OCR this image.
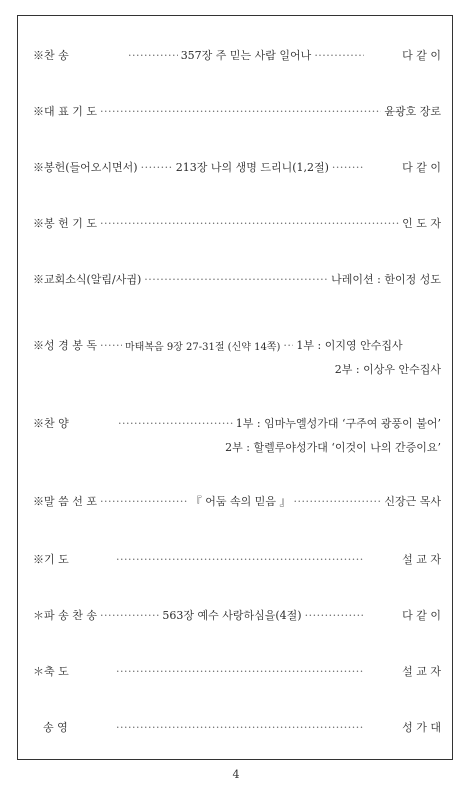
※찬 송 ·····	357장 주 믿는 사람 일어나 ·····	다 같 이
※대 표 기 도 ·····	윤광호 장로
※봉헌(들어오시면서) ·····	213장 나의 생명 드리니(1,2절) ·····	다 같 이
※봉 헌 기 도 ·····	인 도 자
※교회소식(알림/사귐) ·····	나레이션 : 한이정 성도
※성 경 봉 독 ·····	마태복음 9장 27-31절 (신약 14쪽) ····· 1부 : 이지영 안수집사
2부 : 이상우 안수집사
※찬 양 ·····	1부 : 임마누엘성가대 ‘구주여 광풍이 불어’
2부 : 할렐루야성가대 ‘이것이 나의 간증이요’
※말 씀 선 포 ·····	『 어둠 속의 믿음 』 ·····	신장근 목사
※기 도 ·····	설 교 자
＊파 송 찬 송 ·····	563장 예수 사랑하심을(4절) ·····	다 같 이
＊축 도 ·····	설 교 자
송 영 ·····	성 가 대
4
